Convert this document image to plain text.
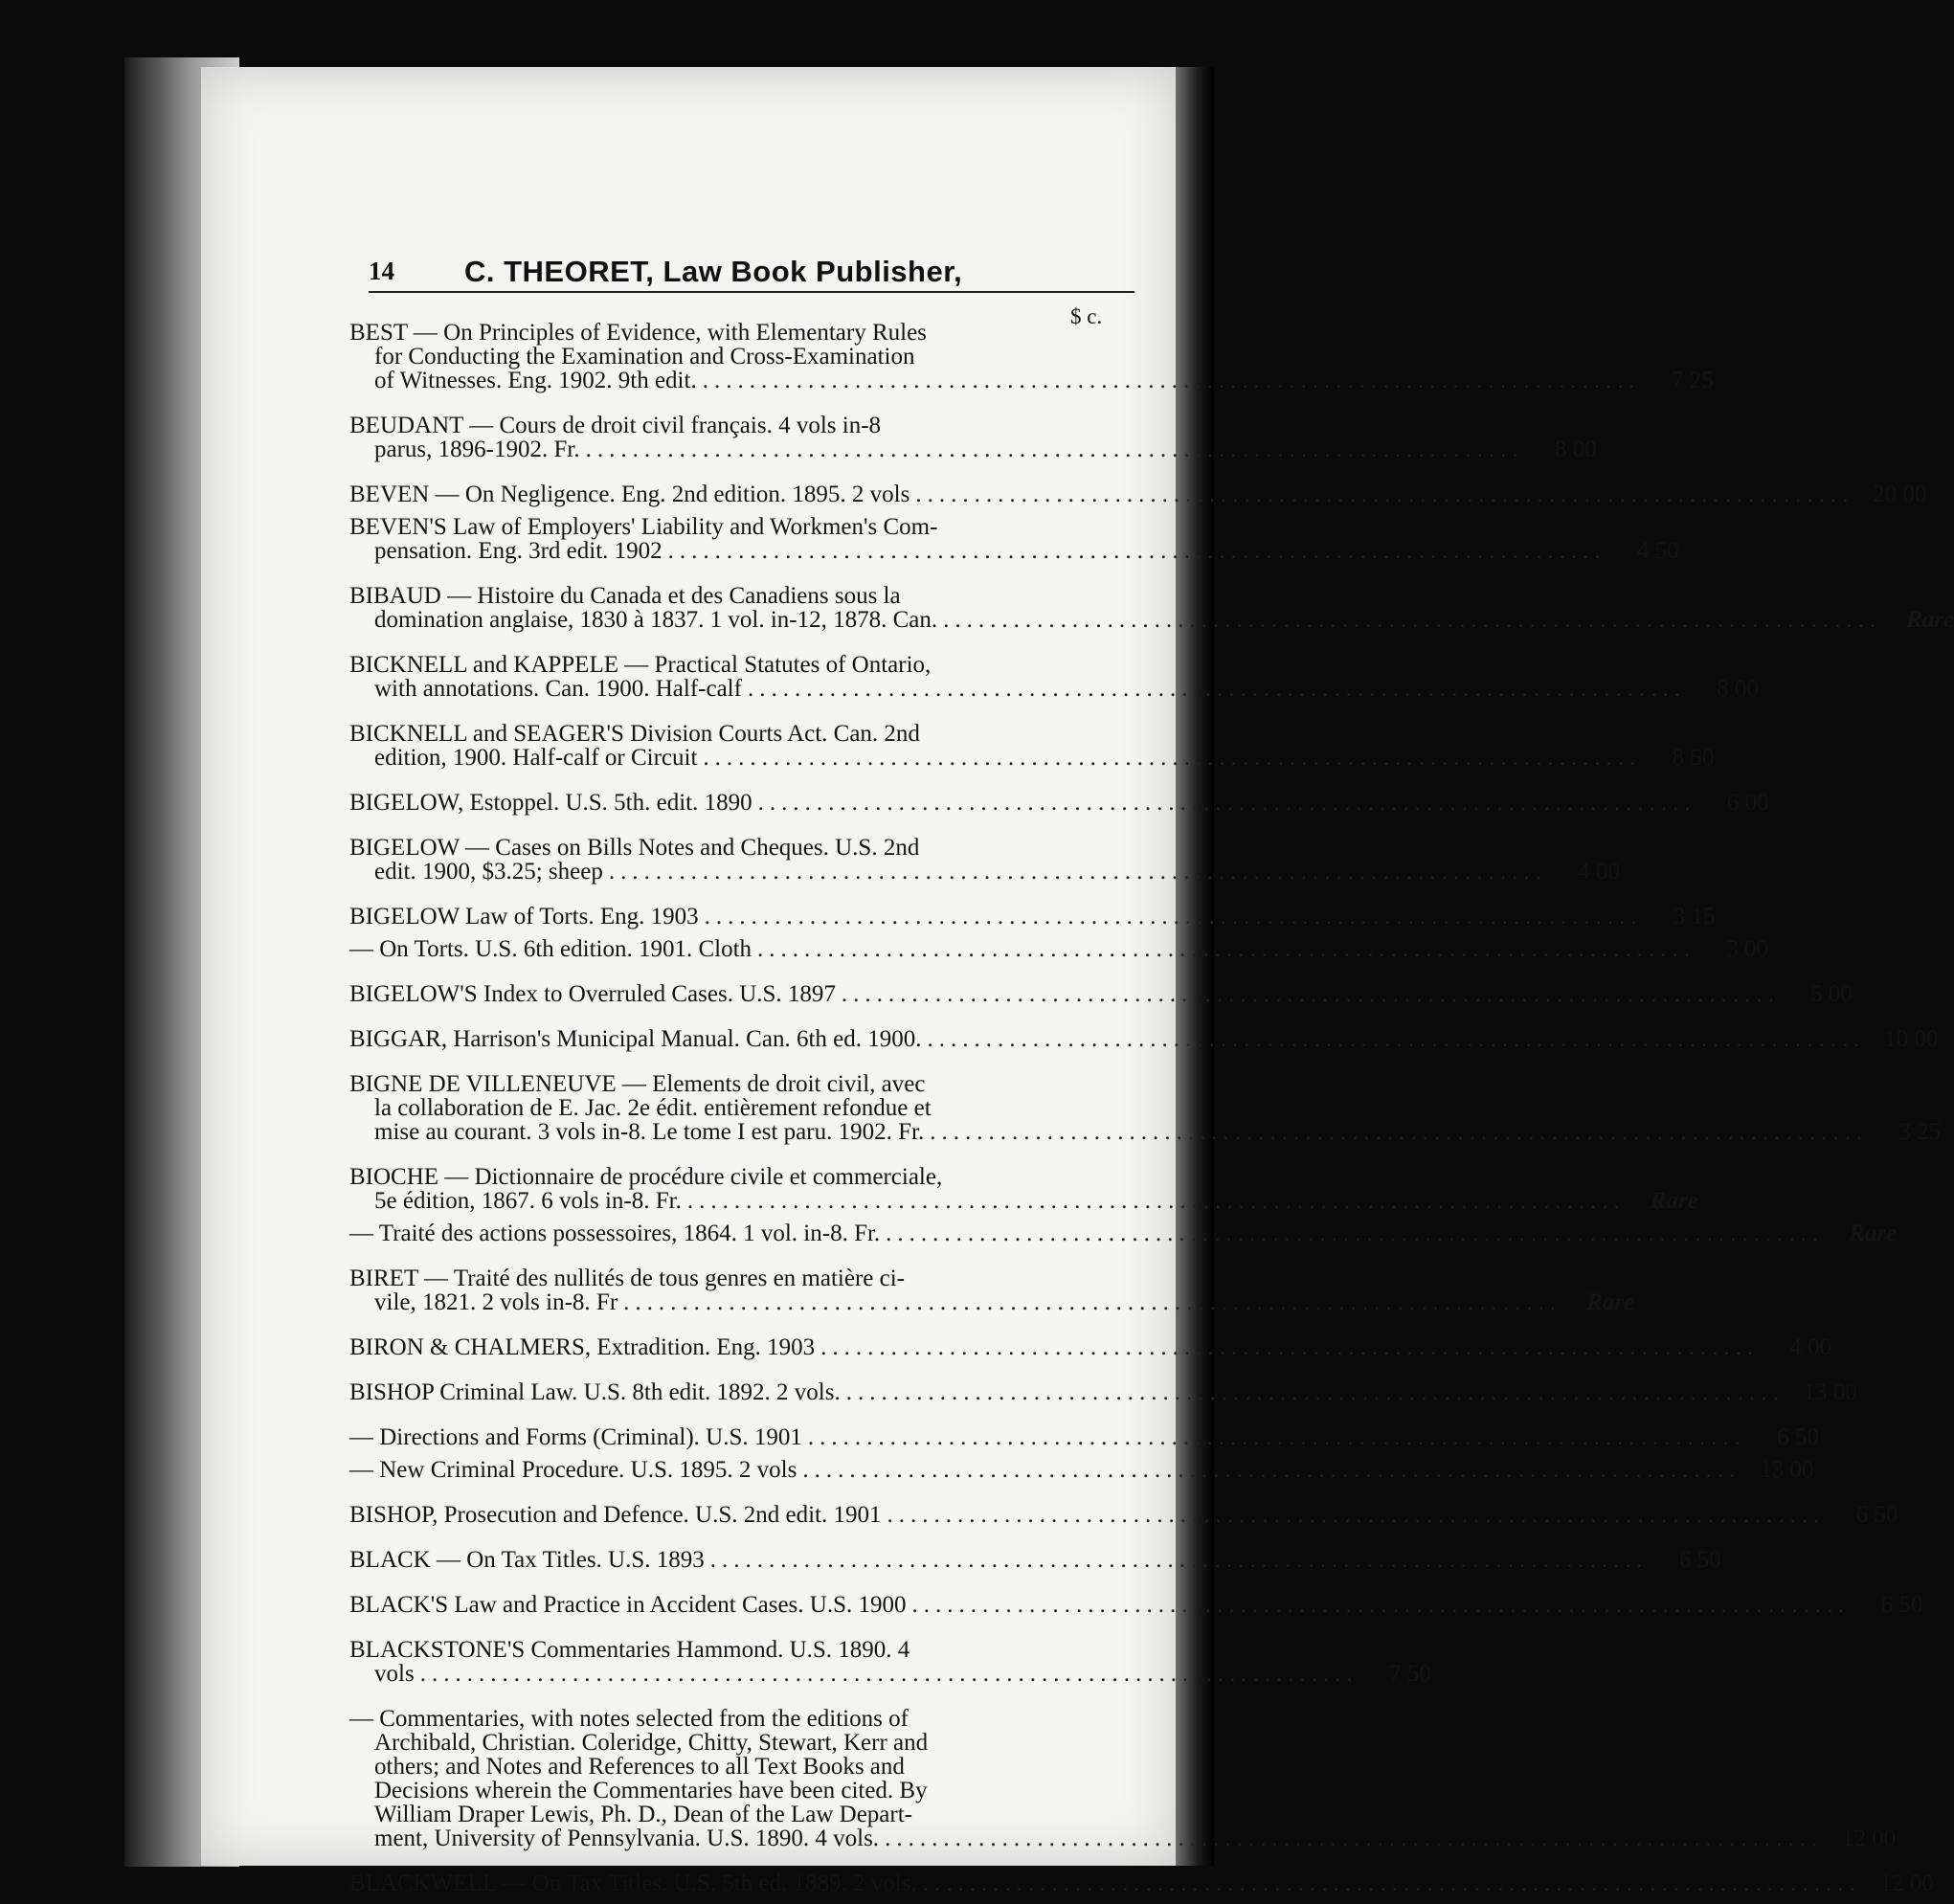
14 C. THEORET, Law Book Publisher,
$ c.
BEST — On Principles of Evidence, with Elementary Rules
for Conducting the Examination and Cross-Examination
of Witnesses. Eng. 1902. 9th edit. ................................................................................	7 25
BEUDANT — Cours de droit civil français. 4 vols in-8
parus, 1896-1902. Fr. ................................................................................	8 00
BEVEN — On Negligence. Eng. 2nd edition. 1895. 2 vols ................................................................................ 20 00
BEVEN'S Law of Employers' Liability and Workmen's Com-
pensation. Eng. 3rd edit. 1902 ................................................................................	4 50
BIBAUD — Histoire du Canada et des Canadiens sous la
domination anglaise, 1830 à 1837. 1 vol. in-12, 1878. Can. ................................................................................	Rare
BICKNELL and KAPPELE — Practical Statutes of Ontario,
with annotations. Can. 1900. Half-calf ................................................................................	8 00
BICKNELL and SEAGER'S Division Courts Act. Can. 2nd
edition, 1900. Half-calf or Circuit ................................................................................	8 50
BIGELOW, Estoppel. U.S. 5th. edit. 1890 ................................................................................	6 00
BIGELOW — Cases on Bills Notes and Cheques. U.S. 2nd
edit. 1900, $3.25; sheep ................................................................................	4 00
BIGELOW Law of Torts. Eng. 1903 ................................................................................	3 15
— On Torts. U.S. 6th edition. 1901. Cloth ................................................................................	3 00
BIGELOW'S Index to Overruled Cases. U.S. 1897 ................................................................................	5 00
BIGGAR, Harrison's Municipal Manual. Can. 6th ed. 1900. ................................................................................ 10 00
BIGNE DE VILLENEUVE — Elements de droit civil, avec
la collaboration de E. Jac. 2e édit. entièrement refondue et
mise au courant. 3 vols in-8. Le tome I est paru. 1902. Fr. ................................................................................	3 25
BIOCHE — Dictionnaire de procédure civile et commerciale,
5e édition, 1867. 6 vols in-8. Fr. ................................................................................	Rare
— Traité des actions possessoires, 1864. 1 vol. in-8. Fr. ................................................................................	Rare
BIRET — Traité des nullités de tous genres en matière ci-
vile, 1821. 2 vols in-8. Fr ................................................................................	Rare
BIRON & CHALMERS, Extradition. Eng. 1903 ................................................................................	4 00
BISHOP Criminal Law. U.S. 8th edit. 1892. 2 vols. ................................................................................ 13 00
— Directions and Forms (Criminal). U.S. 1901 ................................................................................	6 50
— New Criminal Procedure. U.S. 1895. 2 vols ................................................................................ 13 00
BISHOP, Prosecution and Defence. U.S. 2nd edit. 1901 ................................................................................	6 50
BLACK — On Tax Titles. U.S. 1893 ................................................................................	6 50
BLACK'S Law and Practice in Accident Cases. U.S. 1900 ................................................................................	6 50
BLACKSTONE'S Commentaries Hammond. U.S. 1890. 4
vols ................................................................................	7 50
— Commentaries, with notes selected from the editions of
Archibald, Christian. Coleridge, Chitty, Stewart, Kerr and
others; and Notes and References to all Text Books and
Decisions wherein the Commentaries have been cited. By
William Draper Lewis, Ph. D., Dean of the Law Depart-
ment, University of Pennsylvania. U.S. 1890. 4 vols. ................................................................................ 12 00
BLACKWELL — On Tax Titles. U.S. 5th ed. 1889. 2 vols. ................................................................................ 12 00
